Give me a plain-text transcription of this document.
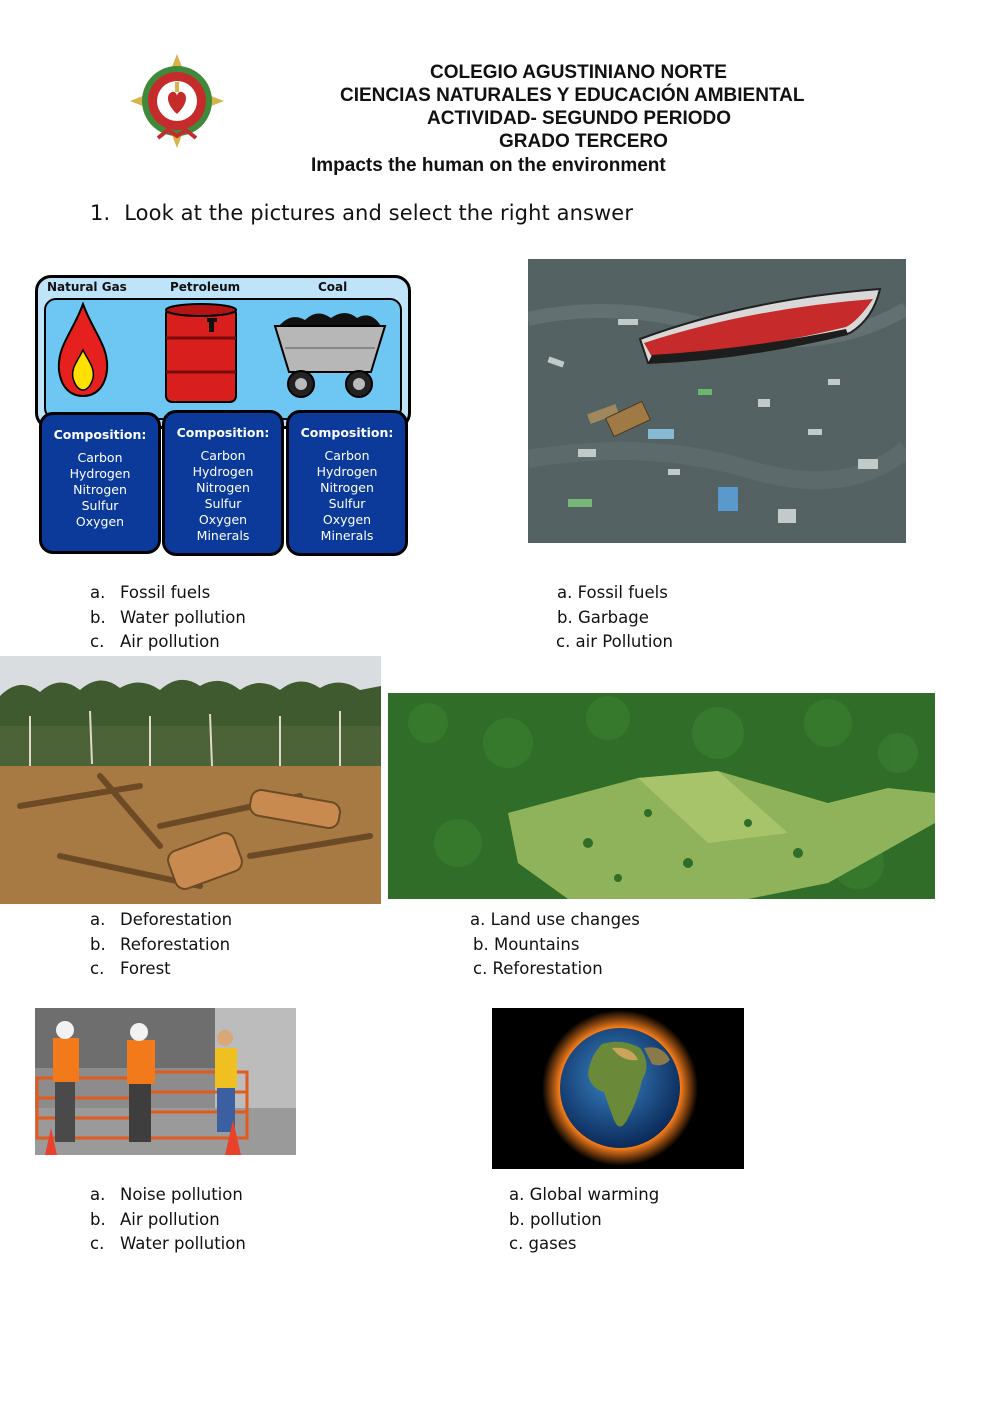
COLEGIO AGUSTINIANO NORTE
CIENCIAS NATURALES Y EDUCACIÓN AMBIENTAL
ACTIVIDAD- SEGUNDO PERIODO
GRADO TERCERO
Impacts the human on the environment
1. Look at the pictures and select the right answer
Natural Gas	Petroleum	Coal
Composition:
Carbon
Hydrogen
Nitrogen
Sulfur
Oxygen
Composition:
Carbon
Hydrogen
Nitrogen
Sulfur
Oxygen
Minerals
Composition:
Carbon
Hydrogen
Nitrogen
Sulfur
Oxygen
Minerals
a. Fossil fuels
b. Water pollution
c. Air pollution
a. Fossil fuels
b. Garbage
c. air Pollution
a. Deforestation
b. Reforestation
c. Forest
a. Land use changes
b. Mountains
c. Reforestation
a. Noise pollution
b. Air pollution
c. Water pollution
a. Global warming
b. pollution
c. gases
